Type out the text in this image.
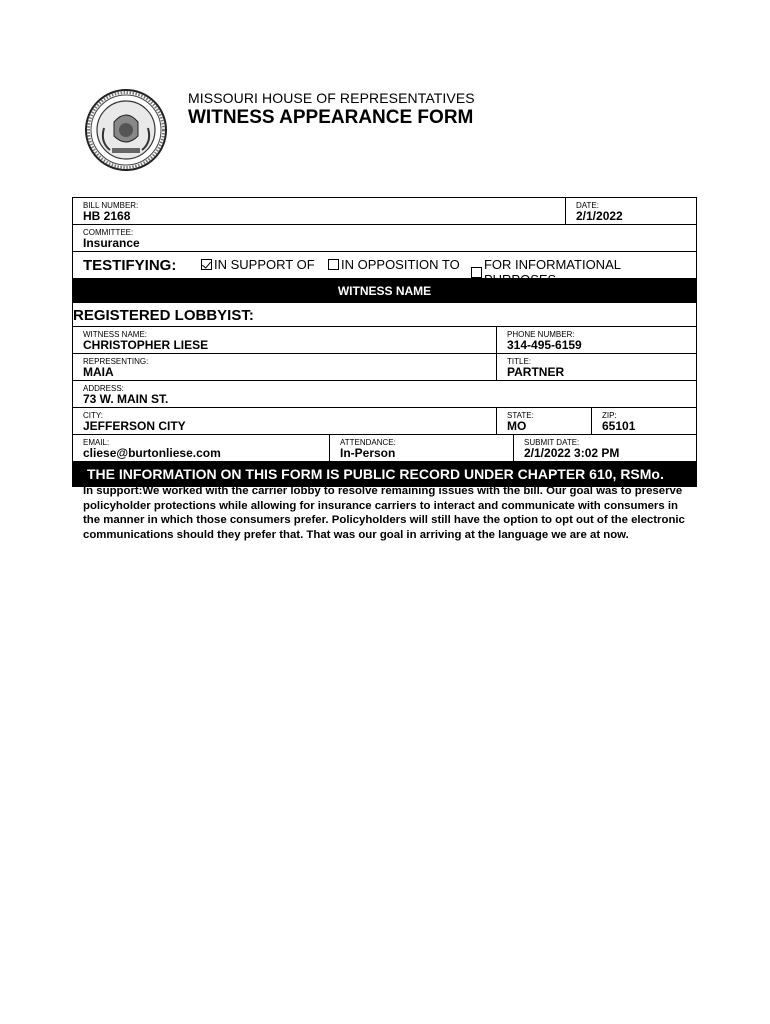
MISSOURI HOUSE OF REPRESENTATIVES
WITNESS APPEARANCE FORM
BILL NUMBER:
HB 2168
DATE:
2/1/2022
COMMITTEE:
Insurance
TESTIFYING:	IN SUPPORT OF IN OPPOSITION TO FOR INFORMATIONAL
WITNESS NAME
REGISTERED LOBBYIST:
WITNESS NAME:
CHRISTOPHER LIESE
PHONE NUMBER:
314-495-6159
REPRESENTING:
MAIA
TITLE:
PARTNER
ADDRESS:
73 W. MAIN ST.
CITY:
JEFFERSON CITY
STATE:
MO
ZIP:
65101
EMAIL:
cliese@burtonliese.com
ATTENDANCE:
In-Person
SUBMIT DATE:
2/1/2022 3:02 PM
THE INFORMATION ON THIS FORM IS PUBLIC RECORD UNDER CHAPTER 610, RSMo.
In support:We worked with the carrier lobby to resolve remaining issues with the bill. Our goal was to preserve policyholder protections while allowing for insurance carriers to interact and communicate with consumers in the manner in which those consumers prefer. Policyholders will still have the option to opt out of the electronic communications should they prefer that. That was our goal in arriving at the language we are at now.
